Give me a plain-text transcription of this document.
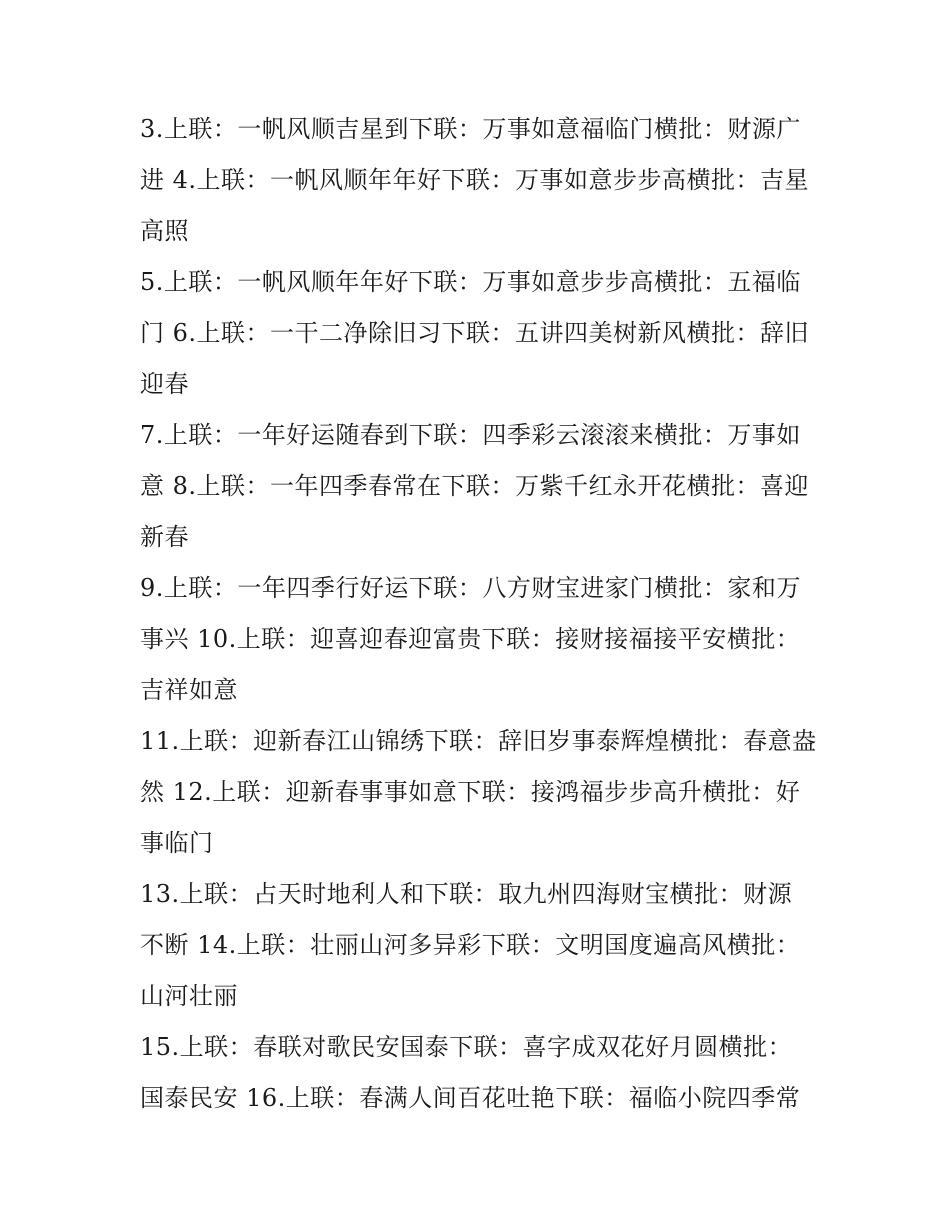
3.上联：一帆风顺吉星到下联：万事如意福临门横批：财源广
进 4.上联：一帆风顺年年好下联：万事如意步步高横批：吉星
高照
5.上联：一帆风顺年年好下联：万事如意步步高横批：五福临
门 6.上联：一干二净除旧习下联：五讲四美树新风横批：辞旧
迎春
7.上联：一年好运随春到下联：四季彩云滚滚来横批：万事如
意 8.上联：一年四季春常在下联：万紫千红永开花横批：喜迎
新春
9.上联：一年四季行好运下联：八方财宝进家门横批：家和万
事兴 10.上联：迎喜迎春迎富贵下联：接财接福接平安横批：
吉祥如意
11.上联：迎新春江山锦绣下联：辞旧岁事泰辉煌横批：春意盎
然 12.上联：迎新春事事如意下联：接鸿福步步高升横批：好
事临门
13.上联：占天时地利人和下联：取九州四海财宝横批：财源
不断 14.上联：壮丽山河多异彩下联：文明国度遍高风横批：
山河壮丽
15.上联：春联对歌民安国泰下联：喜字成双花好月圆横批：
国泰民安 16.上联：春满人间百花吐艳下联：福临小院四季常
